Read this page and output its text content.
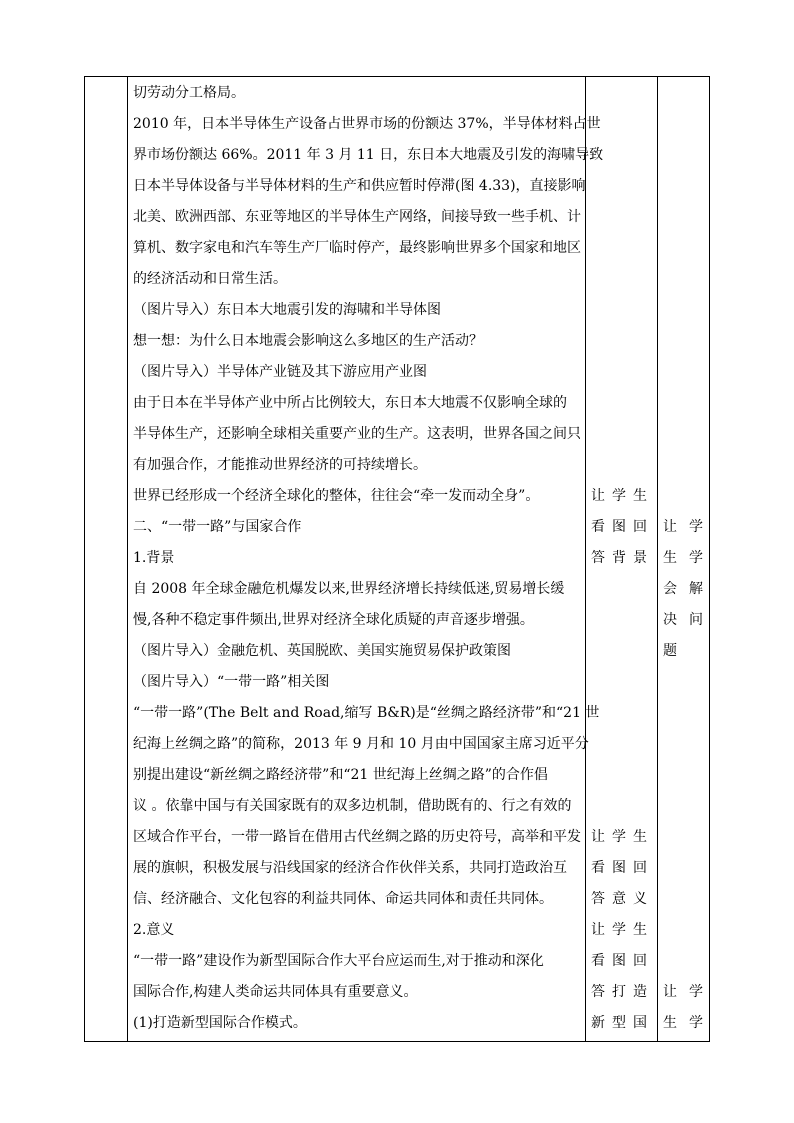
切劳动分工格局。
2010 年，日本半导体生产设备占世界市场的份额达 37%，半导体材料占世
界市场份额达 66%。2011 年 3 月 11 日，东日本大地震及引发的海啸导致
日本半导体设备与半导体材料的生产和供应暂时停滞(图 4.33)，直接影响
北美、欧洲西部、东亚等地区的半导体生产网络，间接导致一些手机、计
算机、数字家电和汽车等生产厂临时停产，最终影响世界多个国家和地区
的经济活动和日常生活。
（图片导入）东日本大地震引发的海啸和半导体图
想一想：为什么日本地震会影响这么多地区的生产活动？
（图片导入）半导体产业链及其下游应用产业图
由于日本在半导体产业中所占比例较大，东日本大地震不仅影响全球的
半导体生产，还影响全球相关重要产业的生产。这表明，世界各国之间只
有加强合作，才能推动世界经济的可持续增长。
世界已经形成一个经济全球化的整体，往往会“牵一发而动全身”。
二、“一带一路”与国家合作
1.背景
自 2008 年全球金融危机爆发以来,世界经济增长持续低迷,贸易增长缓
慢,各种不稳定事件频出,世界对经济全球化质疑的声音逐步增强。
（图片导入）金融危机、英国脱欧、美国实施贸易保护政策图
（图片导入）“一带一路”相关图
“一带一路”(The Belt and Road,缩写 B&R)是“丝绸之路经济带”和“21 世
纪海上丝绸之路”的简称，2013 年 9 月和 10 月由中国国家主席习近平分
别提出建设“新丝绸之路经济带”和“21 世纪海上丝绸之路”的合作倡
议 。依靠中国与有关国家既有的双多边机制，借助既有的、行之有效的
区域合作平台，一带一路旨在借用古代丝绸之路的历史符号，高举和平发
展的旗帜，积极发展与沿线国家的经济合作伙伴关系，共同打造政治互
信、经济融合、文化包容的利益共同体、命运共同体和责任共同体。
2.意义
“一带一路”建设作为新型国际合作大平台应运而生,对于推动和深化
国际合作,构建人类命运共同体具有重要意义。
(1)打造新型国际合作模式。
让学生
看图回
答背景
让学生
看图回
答意义
让学生
看图回
答打造
新型国
让学
生学
会解
决问
题
让学
生学
